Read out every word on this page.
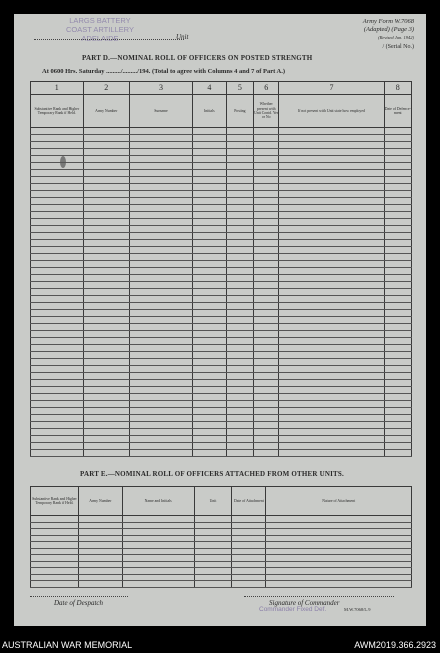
LARGS BATTERY
COAST ARTILLERY
ADELAIDE
Army Form W.7068
(Adapted) (Page 3)
(Revised Jan. 1942)
Unit
/ (Serial No.)
PART D.—NOMINAL ROLL OF OFFICERS ON POSTED STRENGTH
At 0600 Hrs. Saturday ........./........./194. (Total to agree with Columns 4 and 7 of Part A.)
1	2	3	4	5	6	7	8
Substantive Rank and Higher Temporary Rank if Held.	Army Number	Surname	Initials	Posting	Whether present with Unit Contd. Yes or No	If not present with Unit state how employed	Date of Defence-ment

PART E.—NOMINAL ROLL OF OFFICERS ATTACHED FROM OTHER UNITS.
Substantive Rank and Higher Temporary Rank if Held.	Army Number	Name and Initials	Unit	Date of Attachment	Nature of Attachment

Date of Despatch	Signature of Commander
Commander Fixed Def.	M.W.7068/L.9
AUSTRALIAN WAR MEMORIAL	AWM2019.366.2923
